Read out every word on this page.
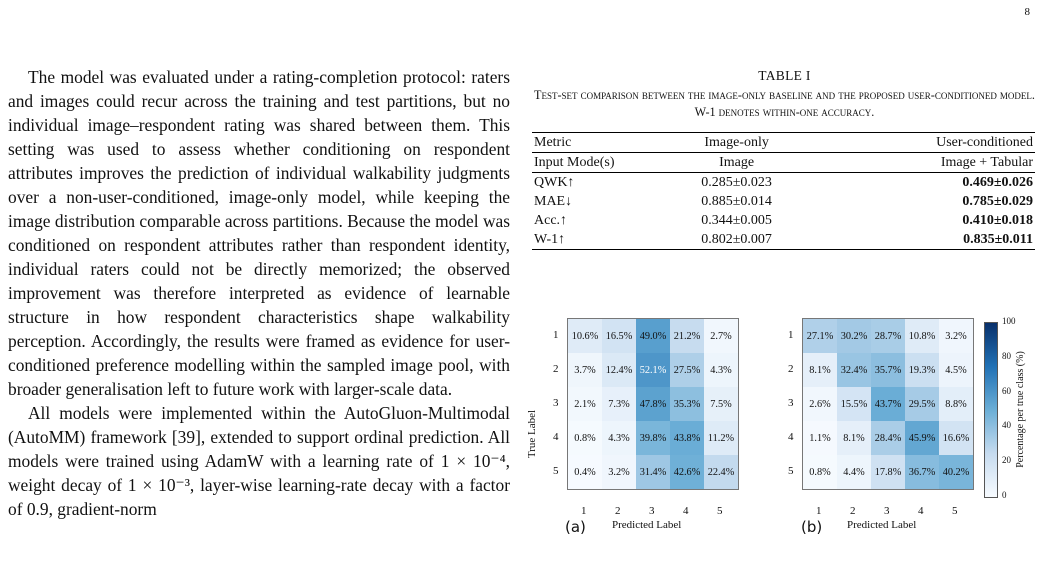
8

The model was evaluated under a rating-completion protocol: raters and images could recur across the training and test partitions, but no individual image–respondent rating was shared between them. This setting was used to assess whether conditioning on respondent attributes improves the prediction of individual walkability judgments over a non-user-conditioned, image-only model, while keeping the image distribution comparable across partitions. Because the model was conditioned on respondent attributes rather than respondent identity, individual raters could not be directly memorized; the observed improvement was therefore interpreted as evidence of learnable structure in how respondent characteristics shape walkability perception. Accordingly, the results were framed as evidence for user-conditioned preference modelling within the sampled image pool, with broader generalisation left to future work with larger-scale data.

All models were implemented within the AutoGluon-Multimodal (AutoMM) framework [39], extended to support ordinal prediction. All models were trained using AdamW with a learning rate of 1 × 10⁻⁴, weight decay of 1 × 10⁻³, layer-wise learning-rate decay with a factor of 0.9, gradient-norm

TABLE I
Test-set comparison between the image-only baseline and the proposed user-conditioned model. W-1 denotes within-one accuracy.
Metric	Image-only	User-conditioned
Input Mode(s)	Image	Image + Tabular
QWK↑	0.285±0.023	0.469±0.026
MAE↓	0.885±0.014	0.785±0.029
Acc.↑	0.344±0.005	0.410±0.018
W-1↑	0.802±0.007	0.835±0.011
True Label
10.6% 16.5% 49.0% 21.2% 2.7%
3.7% 12.4% 52.1% 27.5% 4.3%
2.1%	7.3% 47.8% 35.3% 7.5%
0.8%	4.3% 39.8% 43.8% 11.2%
0.4%	3.2% 31.4% 42.6% 22.4%
1
1
2
2
3
3
4
4
5
5
Predicted Label
(a)
27.1% 30.2% 28.7% 10.8% 3.2%
8.1% 32.4% 35.7% 19.3% 4.5%
2.6% 15.5% 43.7% 29.5% 8.8%
1.1%	8.1% 28.4% 45.9% 16.6%
0.8%	4.4% 17.8% 36.7% 40.2%
1
1
2
2
3
3
4
4
5
5
Predicted Label
(b)
100
80
60
40
20
0
Percentage per true class (%)
